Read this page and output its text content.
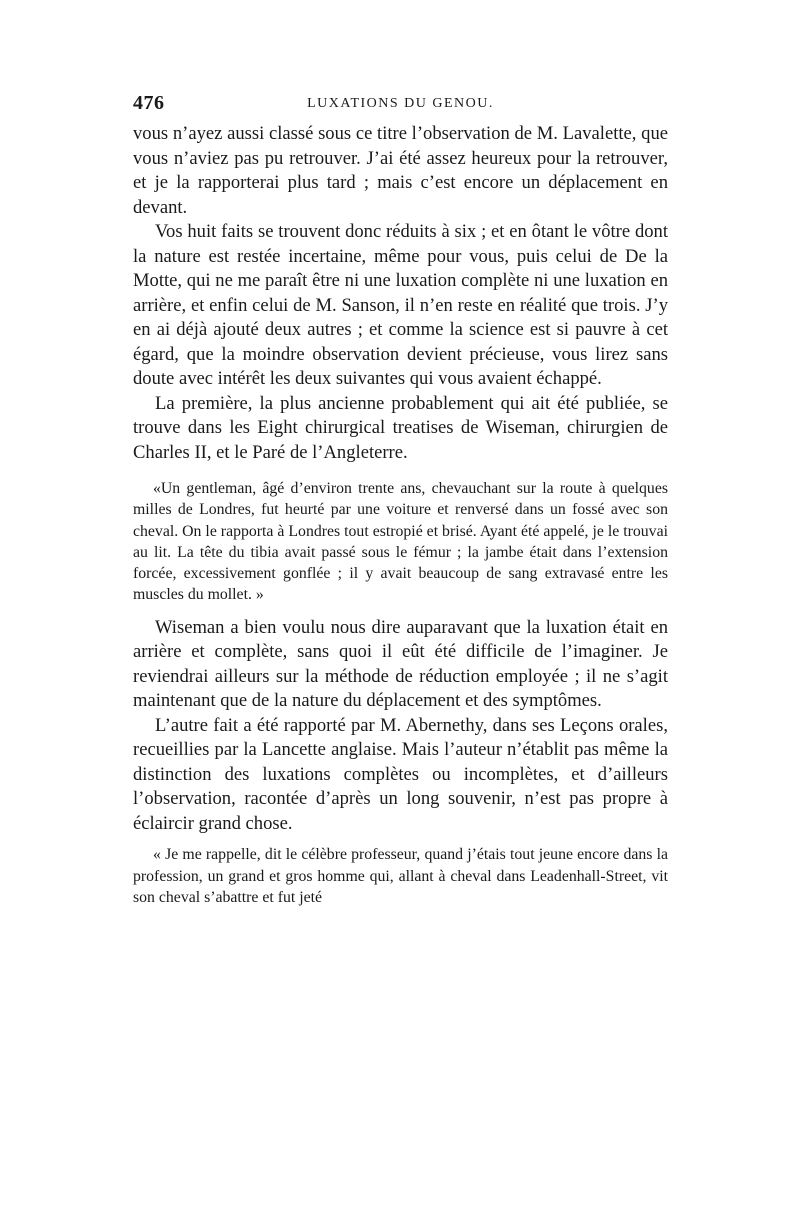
476	LUXATIONS DU GENOU.

vous n’ayez aussi classé sous ce titre l’observation de M. Lavalette, que vous n’aviez pas pu retrouver. J’ai été assez heureux pour la retrouver, et je la rapporterai plus tard ; mais c’est encore un déplacement en devant.

Vos huit faits se trouvent donc réduits à six ; et en ôtant le vôtre dont la nature est restée incertaine, même pour vous, puis celui de De la Motte, qui ne me paraît être ni une luxation complète ni une luxation en arrière, et enfin celui de M. Sanson, il n’en reste en réalité que trois. J’y en ai déjà ajouté deux autres ; et comme la science est si pauvre à cet égard, que la moindre observation devient précieuse, vous lirez sans doute avec intérêt les deux suivantes qui vous avaient échappé.

La première, la plus ancienne probablement qui ait été publiée, se trouve dans les Eight chirurgical treatises de Wiseman, chirurgien de Charles II, et le Paré de l’Angleterre.

«Un gentleman, âgé d’environ trente ans, chevauchant sur la route à quelques milles de Londres, fut heurté par une voiture et renversé dans un fossé avec son cheval. On le rapporta à Londres tout estropié et brisé. Ayant été appelé, je le trouvai au lit. La tête du tibia avait passé sous le fémur ; la jambe était dans l’extension forcée, excessivement gonflée ; il y avait beaucoup de sang extravasé entre les muscles du mollet. »

Wiseman a bien voulu nous dire auparavant que la luxation était en arrière et complète, sans quoi il eût été difficile de l’imaginer. Je reviendrai ailleurs sur la méthode de réduction employée ; il ne s’agit maintenant que de la nature du déplacement et des symptômes.

L’autre fait a été rapporté par M. Abernethy, dans ses Leçons orales, recueillies par la Lancette anglaise. Mais l’auteur n’établit pas même la distinction des luxations complètes ou incomplètes, et d’ailleurs l’observation, racontée d’après un long souvenir, n’est pas propre à éclaircir grand chose.

« Je me rappelle, dit le célèbre professeur, quand j’étais tout jeune encore dans la profession, un grand et gros homme qui, allant à cheval dans Leadenhall-Street, vit son cheval s’abattre et fut jeté
